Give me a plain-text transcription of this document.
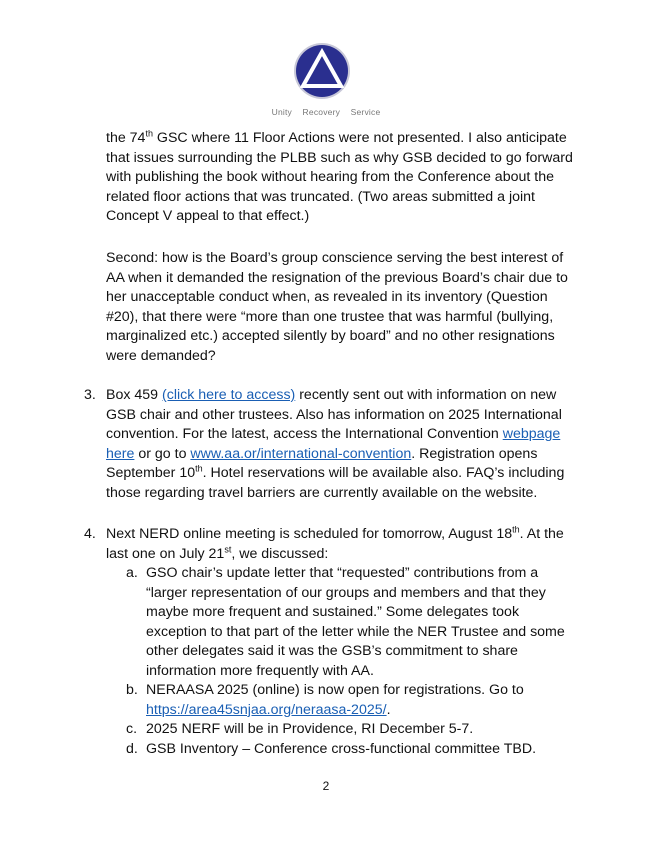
Unity Recovery Service
the 74th GSC where 11 Floor Actions were not presented. I also anticipate that issues surrounding the PLBB such as why GSB decided to go forward with publishing the book without hearing from the Conference about the related floor actions that was truncated. (Two areas submitted a joint Concept V appeal to that effect.)
Second: how is the Board’s group conscience serving the best interest of AA when it demanded the resignation of the previous Board’s chair due to her unacceptable conduct when, as revealed in its inventory (Question #20), that there were “more than one trustee that was harmful (bullying, marginalized etc.) accepted silently by board” and no other resignations were demanded?
3. Box 459 (click here to access) recently sent out with information on new GSB chair and other trustees. Also has information on 2025 International convention. For the latest, access the International Convention webpage here or go to www.aa.or/international-convention. Registration opens September 10th. Hotel reservations will be available also. FAQ’s including those regarding travel barriers are currently available on the website.
4. Next NERD online meeting is scheduled for tomorrow, August 18th. At the last one on July 21st, we discussed:
a. GSO chair’s update letter that “requested” contributions from a “larger representation of our groups and members and that they maybe more frequent and sustained.” Some delegates took exception to that part of the letter while the NER Trustee and some other delegates said it was the GSB’s commitment to share information more frequently with AA.
b. NERAASA 2025 (online) is now open for registrations. Go to https://area45snjaa.org/neraasa-2025/.
c. 2025 NERF will be in Providence, RI December 5-7.
d. GSB Inventory – Conference cross-functional committee TBD.
2
